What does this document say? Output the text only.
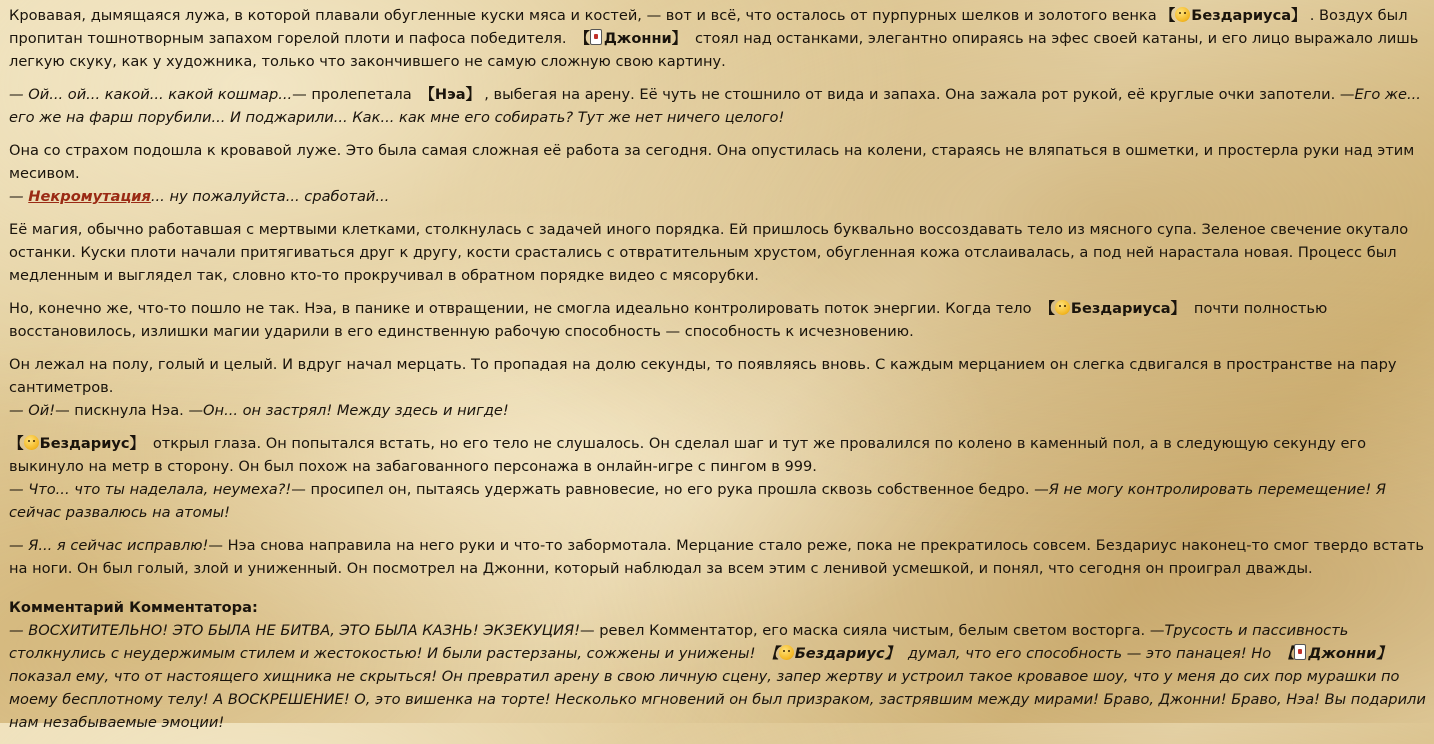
Кровавая, дымящаяся лужа, в которой плавали обугленные куски мяса и костей, — вот и всё, что осталось от пурпурных шелков и золотого венка 【 Бездариуса】 . Воздух был пропитан тошнотворным запахом горелой плоти и пафоса победителя. 【 Джонни】 стоял над останками, элегантно опираясь на эфес своей катаны, и его лицо выражало лишь легкую скуку, как у художника, только что закончившего не самую сложную свою картину.

— Ой... ой... какой... какой кошмар...— пролепетала 【Нэа】 , выбегая на арену. Её чуть не стошнило от вида и запаха. Она зажала рот рукой, её круглые очки запотели. —Его же... его же на фарш порубили... И поджарили... Как... как мне его собирать? Тут же нет ничего целого!

Она со страхом подошла к кровавой луже. Это была самая сложная её работа за сегодня. Она опустилась на колени, стараясь не вляпаться в ошметки, и простерла руки над этим месивом.
— Некромутация... ну пожалуйста... сработай...

Её магия, обычно работавшая с мертвыми клетками, столкнулась с задачей иного порядка. Ей пришлось буквально воссоздавать тело из мясного супа. Зеленое свечение окутало останки. Куски плоти начали притягиваться друг к другу, кости срастались с отвратительным хрустом, обугленная кожа отслаивалась, а под ней нарастала новая. Процесс был медленным и выглядел так, словно кто-то прокручивал в обратном порядке видео с мясорубки.

Но, конечно же, что-то пошло не так. Нэа, в панике и отвращении, не смогла идеально контролировать поток энергии. Когда тело 【 Бездариуса】 почти полностью восстановилось, излишки магии ударили в его единственную рабочую способность — способность к исчезновению.

Он лежал на полу, голый и целый. И вдруг начал мерцать. То пропадая на долю секунды, то появляясь вновь. С каждым мерцанием он слегка сдвигался в пространстве на пару сантиметров.
— Ой!— пискнула Нэа. —Он... он застрял! Между здесь и нигде!

【 Бездариус】 открыл глаза. Он попытался встать, но его тело не слушалось. Он сделал шаг и тут же провалился по колено в каменный пол, а в следующую секунду его выкинуло на метр в сторону. Он был похож на забагованного персонажа в онлайн-игре с пингом в 999.
— Что... что ты наделала, неумеха?!— просипел он, пытаясь удержать равновесие, но его рука прошла сквозь собственное бедро. —Я не могу контролировать перемещение! Я сейчас развалюсь на атомы!

— Я... я сейчас исправлю!— Нэа снова направила на него руки и что-то забормотала. Мерцание стало реже, пока не прекратилось совсем. Бездариус наконец-то смог твердо встать на ноги. Он был голый, злой и униженный. Он посмотрел на Джонни, который наблюдал за всем этим с ленивой усмешкой, и понял, что сегодня он проиграл дважды.

Комментарий Комментатора:
— ВОСХИТИТЕЛЬНО! ЭТО БЫЛА НЕ БИТВА, ЭТО БЫЛА КАЗНЬ! ЭКЗЕКУЦИЯ!— ревел Комментатор, его маска сияла чистым, белым светом восторга. —Трусость и пассивность столкнулись с неудержимым стилем и жестокостью! И были растерзаны, сожжены и унижены! 【 Бездариус】 думал, что его способность — это панацея! Но 【 Джонни】 показал ему, что от настоящего хищника не скрыться! Он превратил арену в свою личную сцену, запер жертву и устроил такое кровавое шоу, что у меня до сих пор мурашки по моему бесплотному телу! А ВОСКРЕШЕНИЕ! О, это вишенка на торте! Несколько мгновений он был призраком, застрявшим между мирами! Браво, Джонни! Браво, Нэа! Вы подарили нам незабываемые эмоции!
